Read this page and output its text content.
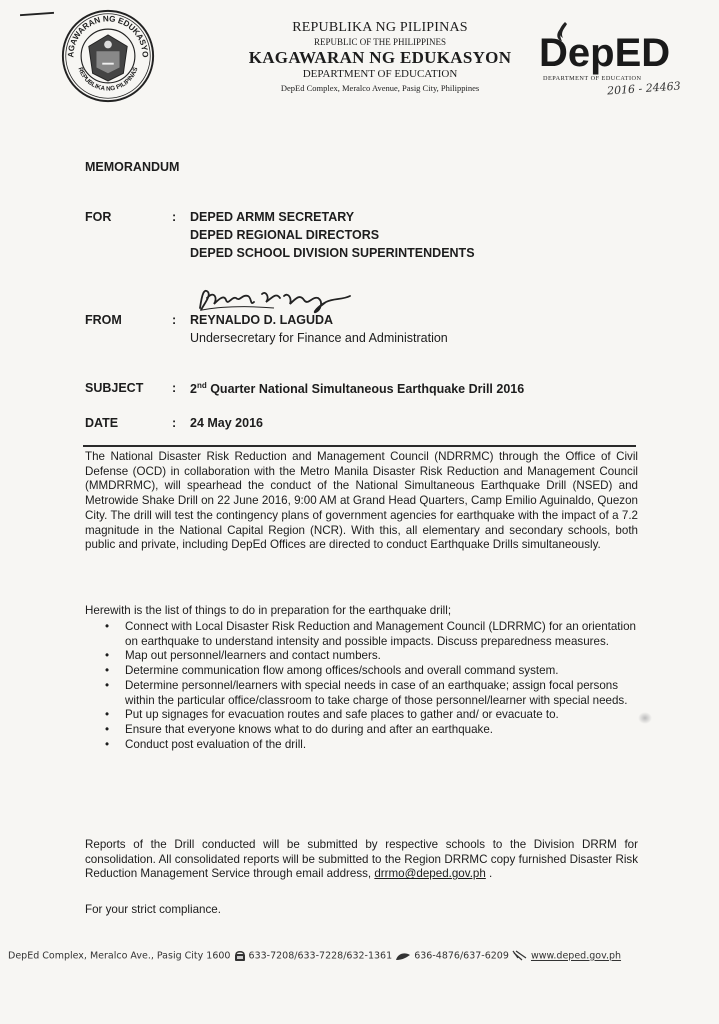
AGAWARAN NG EDUKASYO
REPUBLIKA NG PILIPINAS
REPUBLIKA NG PILIPINAS
REPUBLIC OF THE PHILIPPINES
KAGAWARAN NG EDUKASYON
DEPARTMENT OF EDUCATION
DepEd Complex, Meralco Avenue, Pasig City, Philippines
DepED
DEPARTMENT OF EDUCATION
2016 - 24463
MEMORANDUM
FOR	: DEPED ARMM SECRETARY
DEPED REGIONAL DIRECTORS
DEPED SCHOOL DIVISION SUPERINTENDENTS
FROM	: REYNALDO D. LAGUDA
Undersecretary for Finance and Administration
SUBJECT : 2nd Quarter National Simultaneous Earthquake Drill 2016
DATE	: 24 May 2016
The National Disaster Risk Reduction and Management Council (NDRRMC) through the Office of Civil Defense (OCD) in collaboration with the Metro Manila Disaster Risk Reduction and Management Council (MMDRRMC), will spearhead the conduct of the National Simultaneous Earthquake Drill (NSED) and Metrowide Shake Drill on 22 June 2016, 9:00 AM at Grand Head Quarters, Camp Emilio Aguinaldo, Quezon City. The drill will test the contingency plans of government agencies for earthquake with the impact of a 7.2 magnitude in the National Capital Region (NCR). With this, all elementary and secondary schools, both public and private, including DepEd Offices are directed to conduct Earthquake Drills simultaneously.
Herewith is the list of things to do in preparation for the earthquake drill;
• Connect with Local Disaster Risk Reduction and Management Council (LDRRMC) for an orientation on earthquake to understand intensity and possible impacts. Discuss preparedness measures.
• Map out personnel/learners and contact numbers.
• Determine communication flow among offices/schools and overall command system.
• Determine personnel/learners with special needs in case of an earthquake; assign focal persons within the particular office/classroom to take charge of those personnel/learner with special needs.
• Put up signages for evacuation routes and safe places to gather and/ or evacuate to.
• Ensure that everyone knows what to do during and after an earthquake.
• Conduct post evaluation of the drill.
Reports of the Drill conducted will be submitted by respective schools to the Division DRRM for consolidation. All consolidated reports will be submitted to the Region DRRMC copy furnished Disaster Risk Reduction Management Service through email address, drrmo@deped.gov.ph .
For your strict compliance.
DepEd Complex, Meralco Ave., Pasig City 1600 633-7208/633-7228/632-1361 636-4876/637-6209 www.deped.gov.ph
